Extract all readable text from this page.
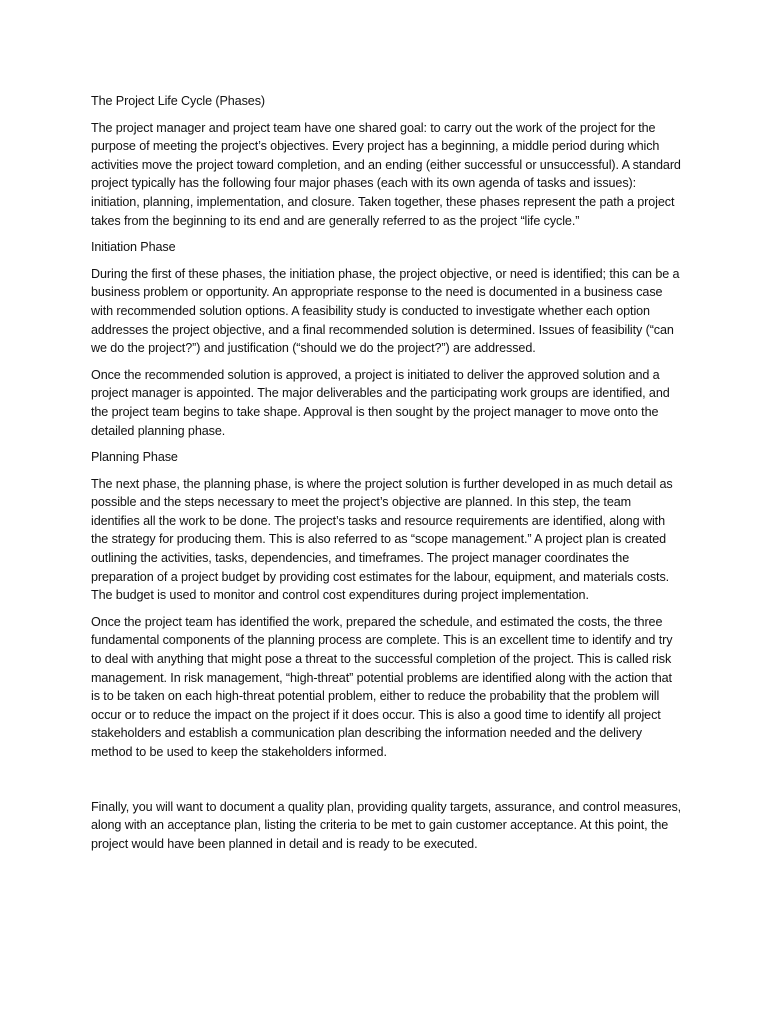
The Project Life Cycle (Phases)

The project manager and project team have one shared goal: to carry out the work of the project for the purpose of meeting the project’s objectives. Every project has a beginning, a middle period during which activities move the project toward completion, and an ending (either successful or unsuccessful). A standard project typically has the following four major phases (each with its own agenda of tasks and issues): initiation, planning, implementation, and closure. Taken together, these phases represent the path a project takes from the beginning to its end and are generally referred to as the project “life cycle.”

Initiation Phase

During the first of these phases, the initiation phase, the project objective, or need is identified; this can be a business problem or opportunity. An appropriate response to the need is documented in a business case with recommended solution options. A feasibility study is conducted to investigate whether each option addresses the project objective, and a final recommended solution is determined. Issues of feasibility (“can we do the project?”) and justification (“should we do the project?”) are addressed.

Once the recommended solution is approved, a project is initiated to deliver the approved solution and a project manager is appointed. The major deliverables and the participating work groups are identified, and the project team begins to take shape. Approval is then sought by the project manager to move onto the detailed planning phase.

Planning Phase

The next phase, the planning phase, is where the project solution is further developed in as much detail as possible and the steps necessary to meet the project’s objective are planned. In this step, the team identifies all the work to be done. The project’s tasks and resource requirements are identified, along with the strategy for producing them. This is also referred to as “scope management.” A project plan is created outlining the activities, tasks, dependencies, and timeframes. The project manager coordinates the preparation of a project budget by providing cost estimates for the labour, equipment, and materials costs. The budget is used to monitor and control cost expenditures during project implementation.

Once the project team has identified the work, prepared the schedule, and estimated the costs, the three fundamental components of the planning process are complete. This is an excellent time to identify and try to deal with anything that might pose a threat to the successful completion of the project. This is called risk management. In risk management, “high-threat” potential problems are identified along with the action that is to be taken on each high-threat potential problem, either to reduce the probability that the problem will occur or to reduce the impact on the project if it does occur. This is also a good time to identify all project stakeholders and establish a communication plan describing the information needed and the delivery method to be used to keep the stakeholders informed.

Finally, you will want to document a quality plan, providing quality targets, assurance, and control measures, along with an acceptance plan, listing the criteria to be met to gain customer acceptance. At this point, the project would have been planned in detail and is ready to be executed.
